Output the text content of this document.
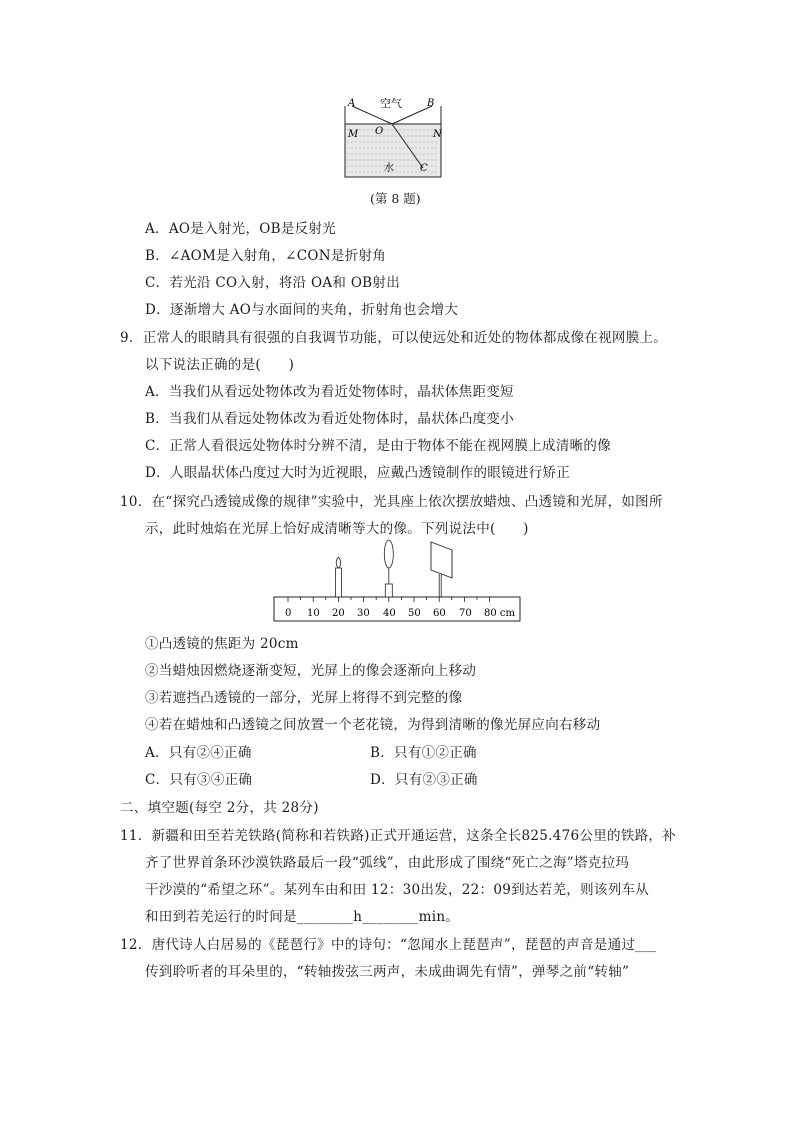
空气
水
A	B
M O	N
C
(第 8 题)
A．AO是入射光，OB是反射光
B．∠AOM是入射角，∠CON是折射角
C．若光沿 CO入射，将沿 OA和 OB射出
D．逐渐增大 AO与水面间的夹角，折射角也会增大
9．正常人的眼睛具有很强的自我调节功能，可以使远处和近处的物体都成像在视网膜上。
以下说法正确的是(　　)
A．当我们从看远处物体改为看近处物体时，晶状体焦距变短
B．当我们从看远处物体改为看近处物体时，晶状体凸度变小
C．正常人看很远处物体时分辨不清，是由于物体不能在视网膜上成清晰的像
D．人眼晶状体凸度过大时为近视眼，应戴凸透镜制作的眼镜进行矫正
10．在“探究凸透镜成像的规律”实验中，光具座上依次摆放蜡烛、凸透镜和光屏，如图所
示，此时烛焰在光屏上恰好成清晰等大的像。下列说法中(　　)
0 10 20 30 40 50 60 70 80 cm
①凸透镜的焦距为 20cm
②当蜡烛因燃烧逐渐变短，光屏上的像会逐渐向上移动
③若遮挡凸透镜的一部分，光屏上将得不到完整的像
④若在蜡烛和凸透镜之间放置一个老花镜，为得到清晰的像光屏应向右移动
A．只有②④正确	B．只有①②正确
C．只有③④正确	D．只有②③正确
二、填空题(每空 2分，共 28分)
11．新疆和田至若羌铁路(简称和若铁路)正式开通运营，这条全长825.476公里的铁路，补
齐了世界首条环沙漠铁路最后一段“弧线”，由此形成了围绕“死亡之海”塔克拉玛
干沙漠的“希望之环”。某列车由和田 12：30出发，22：09到达若羌，则该列车从
和田到若羌运行的时间是________h________min。
12．唐代诗人白居易的《琵琶行》中的诗句：“忽闻水上琵琶声”，琵琶的声音是通过___
传到聆听者的耳朵里的，“转轴拨弦三两声，未成曲调先有情”，弹琴之前“转轴”
